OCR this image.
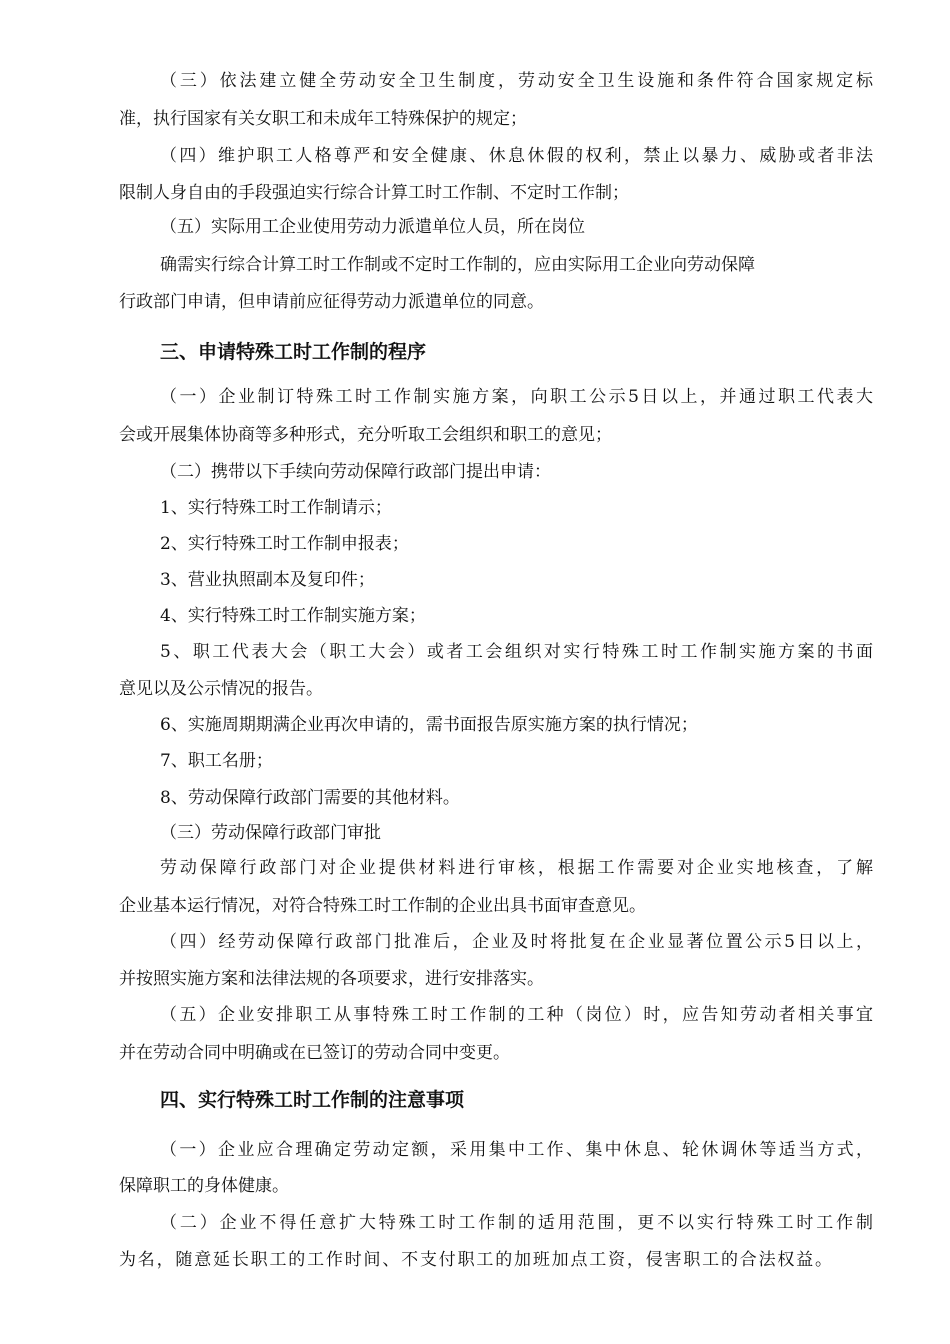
（三）依法建立健全劳动安全卫生制度，劳动安全卫生设施和条件符合国家规定标

准，执行国家有关女职工和未成年工特殊保护的规定；

（四）维护职工人格尊严和安全健康、休息休假的权利，禁止以暴力、威胁或者非法

限制人身自由的手段强迫实行综合计算工时工作制、不定时工作制；

（五）实际用工企业使用劳动力派遣单位人员，所在岗位

确需实行综合计算工时工作制或不定时工作制的，应由实际用工企业向劳动保障

行政部门申请，但申请前应征得劳动力派遣单位的同意。

三、申请特殊工时工作制的程序

（一）企业制订特殊工时工作制实施方案，向职工公示5日以上，并通过职工代表大

会或开展集体协商等多种形式，充分听取工会组织和职工的意见；

（二）携带以下手续向劳动保障行政部门提出申请：

1、实行特殊工时工作制请示；

2、实行特殊工时工作制申报表；

3、营业执照副本及复印件；

4、实行特殊工时工作制实施方案；

5、职工代表大会（职工大会）或者工会组织对实行特殊工时工作制实施方案的书面

意见以及公示情况的报告。

6、实施周期期满企业再次申请的，需书面报告原实施方案的执行情况；

7、职工名册；

8、劳动保障行政部门需要的其他材料。

（三）劳动保障行政部门审批

劳动保障行政部门对企业提供材料进行审核，根据工作需要对企业实地核查，了解

企业基本运行情况，对符合特殊工时工作制的企业出具书面审查意见。

（四）经劳动保障行政部门批准后，企业及时将批复在企业显著位置公示5日以上，

并按照实施方案和法律法规的各项要求，进行安排落实。

（五）企业安排职工从事特殊工时工作制的工种（岗位）时，应告知劳动者相关事宜

并在劳动合同中明确或在已签订的劳动合同中变更。

四、实行特殊工时工作制的注意事项

（一）企业应合理确定劳动定额，采用集中工作、集中休息、轮休调休等适当方式，

保障职工的身体健康。

（二）企业不得任意扩大特殊工时工作制的适用范围，更不以实行特殊工时工作制

为名，随意延长职工的工作时间、不支付职工的加班加点工资，侵害职工的合法权益。
